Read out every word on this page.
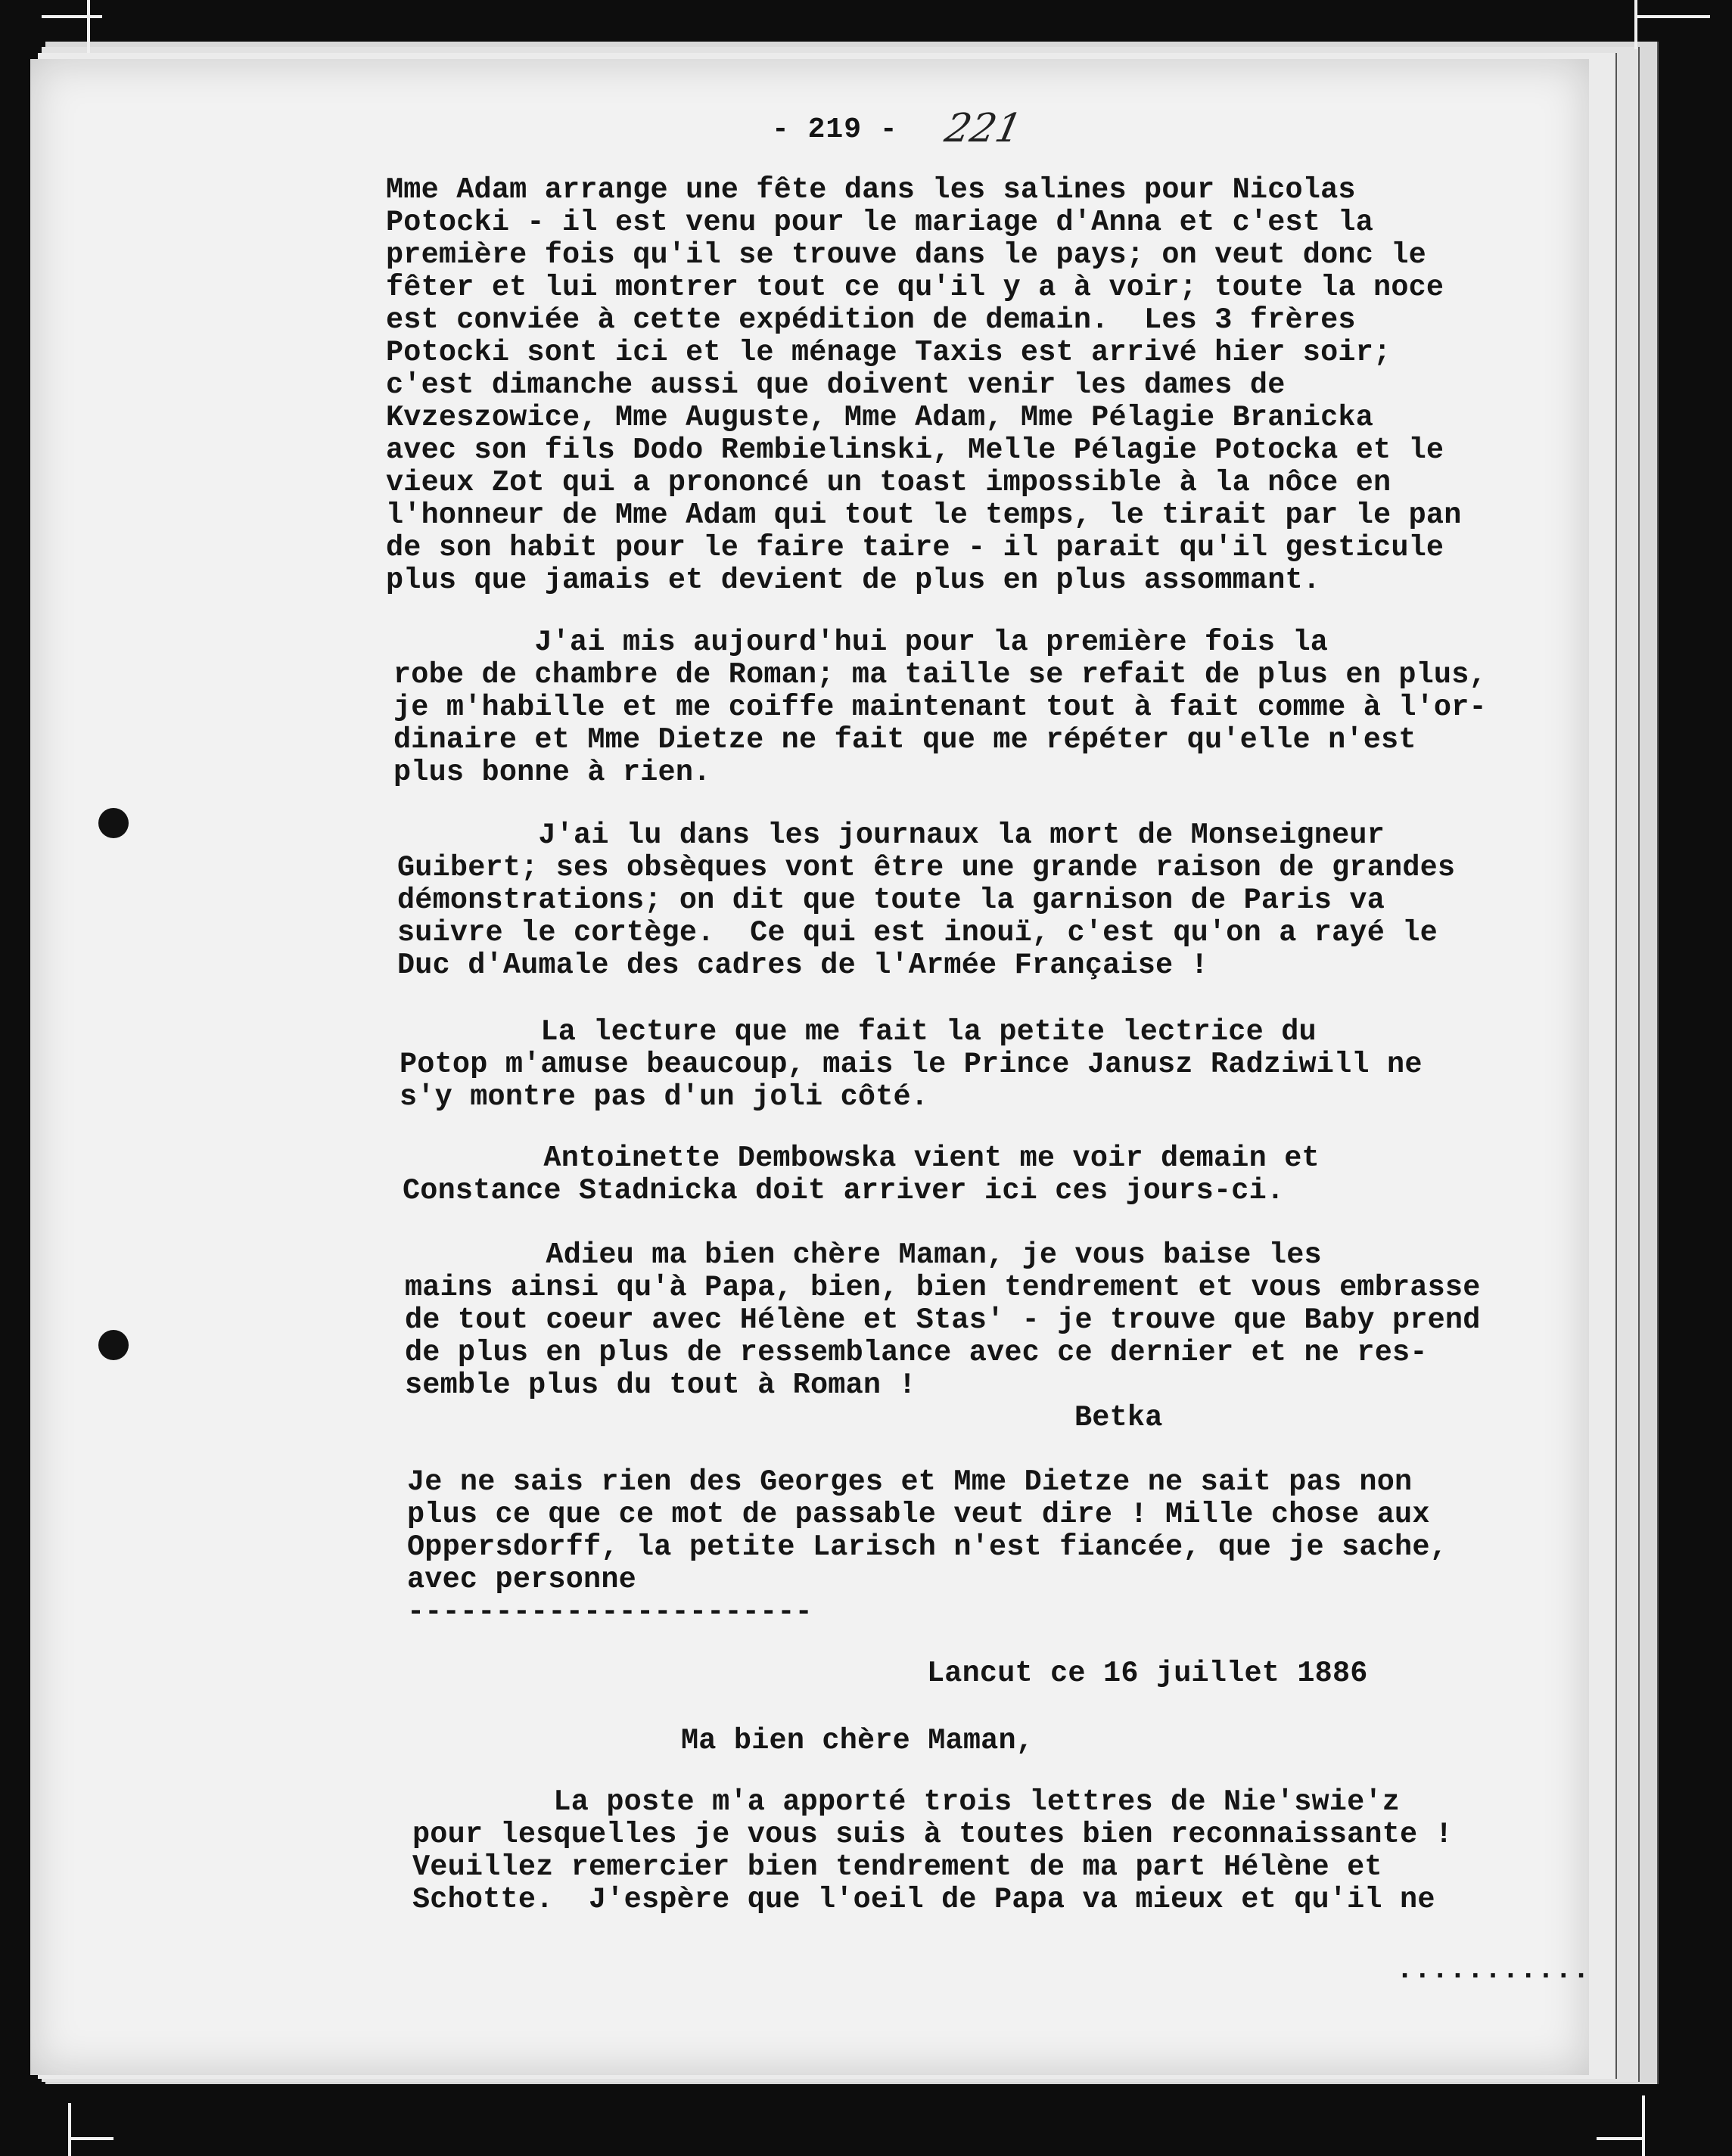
- 219 - 221
Mme Adam arrange une fête dans les salines pour Nicolas
Potocki - il est venu pour le mariage d'Anna et c'est la
première fois qu'il se trouve dans le pays; on veut donc le
fêter et lui montrer tout ce qu'il y a à voir; toute la noce
est conviée à cette expédition de demain.  Les 3 frères
Potocki sont ici et le ménage Taxis est arrivé hier soir;
c'est dimanche aussi que doivent venir les dames de
Kvzeszowice, Mme Auguste, Mme Adam, Mme Pélagie Branicka
avec son fils Dodo Rembielinski, Melle Pélagie Potocka et le
vieux Zot qui a prononcé un toast impossible à la nôce en
l'honneur de Mme Adam qui tout le temps, le tirait par le pan
de son habit pour le faire taire - il parait qu'il gesticule
plus que jamais et devient de plus en plus assommant.
J'ai mis aujourd'hui pour la première fois la
robe de chambre de Roman; ma taille se refait de plus en plus,
je m'habille et me coiffe maintenant tout à fait comme à l'or-
dinaire et Mme Dietze ne fait que me répéter qu'elle n'est
plus bonne à rien.
J'ai lu dans les journaux la mort de Monseigneur
Guibert; ses obsèques vont être une grande raison de grandes
démonstrations; on dit que toute la garnison de Paris va
suivre le cortège.  Ce qui est inouï, c'est qu'on a rayé le
Duc d'Aumale des cadres de l'Armée Française !
La lecture que me fait la petite lectrice du
Potop m'amuse beaucoup, mais le Prince Janusz Radziwill ne
s'y montre pas d'un joli côté.
Antoinette Dembowska vient me voir demain et
Constance Stadnicka doit arriver ici ces jours-ci.
Adieu ma bien chère Maman, je vous baise les
mains ainsi qu'à Papa, bien, bien tendrement et vous embrasse
de tout coeur avec Hélène et Stas' - je trouve que Baby prend
de plus en plus de ressemblance avec ce dernier et ne res-
semble plus du tout à Roman !
Betka
Je ne sais rien des Georges et Mme Dietze ne sait pas non
plus ce que ce mot de passable veut dire ! Mille chose aux
Oppersdorff, la petite Larisch n'est fiancée, que je sache,
avec personne
-----------------------
Lancut ce 16 juillet 1886
Ma bien chère Maman,
La poste m'a apporté trois lettres de Nie'swie'z
pour lesquelles je vous suis à toutes bien reconnaissante !
Veuillez remercier bien tendrement de ma part Hélène et
Schotte.  J'espère que l'oeil de Papa va mieux et qu'il ne
...........
